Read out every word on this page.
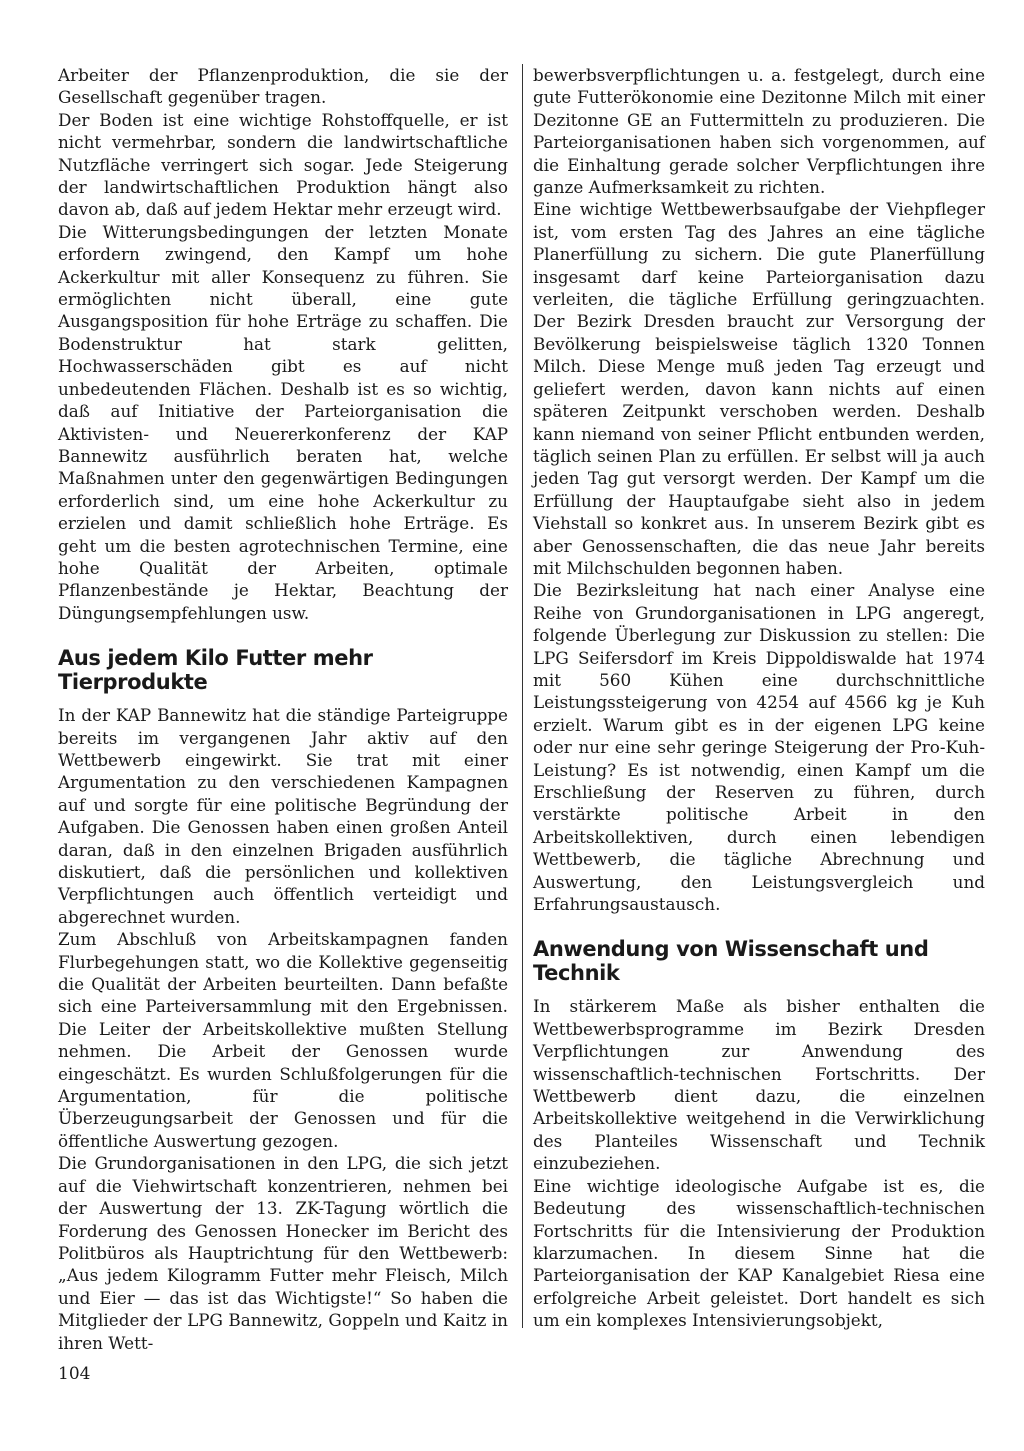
Arbeiter der Pflanzenproduktion, die sie der Gesellschaft gegenüber tragen.

Der Boden ist eine wichtige Rohstoffquelle, er ist nicht vermehrbar, sondern die landwirtschaftliche Nutzfläche verringert sich sogar. Jede Steigerung der landwirtschaftlichen Produktion hängt also davon ab, daß auf jedem Hektar mehr erzeugt wird.

Die Witterungsbedingungen der letzten Monate erfordern zwingend, den Kampf um hohe Ackerkultur mit aller Konsequenz zu führen. Sie ermöglichten nicht überall, eine gute Ausgangsposition für hohe Erträge zu schaffen. Die Bodenstruktur hat stark gelitten, Hochwasserschäden gibt es auf nicht unbedeutenden Flächen. Deshalb ist es so wichtig, daß auf Initiative der Parteiorganisation die Aktivisten- und Neuererkonferenz der KAP Bannewitz ausführlich beraten hat, welche Maßnahmen unter den gegenwärtigen Bedingungen erforderlich sind, um eine hohe Ackerkultur zu erzielen und damit schließlich hohe Erträge. Es geht um die besten agrotechnischen Termine, eine hohe Qualität der Arbeiten, optimale Pflanzenbestände je Hektar, Beachtung der Düngungsempfehlungen usw.

Aus jedem Kilo Futter mehr Tierprodukte

In der KAP Bannewitz hat die ständige Parteigruppe bereits im vergangenen Jahr aktiv auf den Wettbewerb eingewirkt. Sie trat mit einer Argumentation zu den verschiedenen Kampagnen auf und sorgte für eine politische Begründung der Aufgaben. Die Genossen haben einen großen Anteil daran, daß in den einzelnen Brigaden ausführlich diskutiert, daß die persönlichen und kollektiven Verpflichtungen auch öffentlich verteidigt und abgerechnet wurden.

Zum Abschluß von Arbeitskampagnen fanden Flurbegehungen statt, wo die Kollektive gegenseitig die Qualität der Arbeiten beurteilten. Dann befaßte sich eine Parteiversammlung mit den Ergebnissen. Die Leiter der Arbeitskollektive mußten Stellung nehmen. Die Arbeit der Genossen wurde eingeschätzt. Es wurden Schlußfolgerungen für die Argumentation, für die politische Überzeugungsarbeit der Genossen und für die öffentliche Auswertung gezogen.

Die Grundorganisationen in den LPG, die sich jetzt auf die Viehwirtschaft konzentrieren, nehmen bei der Auswertung der 13. ZK-Tagung wörtlich die Forderung des Genossen Honecker im Bericht des Politbüros als Hauptrichtung für den Wettbewerb: „Aus jedem Kilogramm Futter mehr Fleisch, Milch und Eier — das ist das Wichtigste!“ So haben die Mitglieder der LPG Bannewitz, Goppeln und Kaitz in ihren Wett-

bewerbsverpflichtungen u. a. festgelegt, durch eine gute Futterökonomie eine Dezitonne Milch mit einer Dezitonne GE an Futtermitteln zu produzieren. Die Parteiorganisationen haben sich vorgenommen, auf die Einhaltung gerade solcher Verpflichtungen ihre ganze Aufmerksamkeit zu richten.

Eine wichtige Wettbewerbsaufgabe der Viehpfleger ist, vom ersten Tag des Jahres an eine tägliche Planerfüllung zu sichern. Die gute Planerfüllung insgesamt darf keine Parteiorganisation dazu verleiten, die tägliche Erfüllung geringzuachten. Der Bezirk Dresden braucht zur Versorgung der Bevölkerung beispielsweise täglich 1320 Tonnen Milch. Diese Menge muß jeden Tag erzeugt und geliefert werden, davon kann nichts auf einen späteren Zeitpunkt verschoben werden. Deshalb kann niemand von seiner Pflicht entbunden werden, täglich seinen Plan zu erfüllen. Er selbst will ja auch jeden Tag gut versorgt werden. Der Kampf um die Erfüllung der Hauptaufgabe sieht also in jedem Viehstall so konkret aus. In unserem Bezirk gibt es aber Genossenschaften, die das neue Jahr bereits mit Milchschulden begonnen haben.

Die Bezirksleitung hat nach einer Analyse eine Reihe von Grundorganisationen in LPG angeregt, folgende Überlegung zur Diskussion zu stellen: Die LPG Seifersdorf im Kreis Dippoldiswalde hat 1974 mit 560 Kühen eine durchschnittliche Leistungssteigerung von 4254 auf 4566 kg je Kuh erzielt. Warum gibt es in der eigenen LPG keine oder nur eine sehr geringe Steigerung der Pro-Kuh-Leistung? Es ist notwendig, einen Kampf um die Erschließung der Reserven zu führen, durch verstärkte politische Arbeit in den Arbeitskollektiven, durch einen lebendigen Wettbewerb, die tägliche Abrechnung und Auswertung, den Leistungsvergleich und Erfahrungsaustausch.

Anwendung von Wissenschaft und Technik

In stärkerem Maße als bisher enthalten die Wettbewerbsprogramme im Bezirk Dresden Verpflichtungen zur Anwendung des wissenschaftlich-technischen Fortschritts. Der Wettbewerb dient dazu, die einzelnen Arbeitskollektive weitgehend in die Verwirklichung des Planteiles Wissenschaft und Technik einzubeziehen.

Eine wichtige ideologische Aufgabe ist es, die Bedeutung des wissenschaftlich-technischen Fortschritts für die Intensivierung der Produktion klarzumachen. In diesem Sinne hat die Parteiorganisation der KAP Kanalgebiet Riesa eine erfolgreiche Arbeit geleistet. Dort handelt es sich um ein komplexes Intensivierungsobjekt,

104
